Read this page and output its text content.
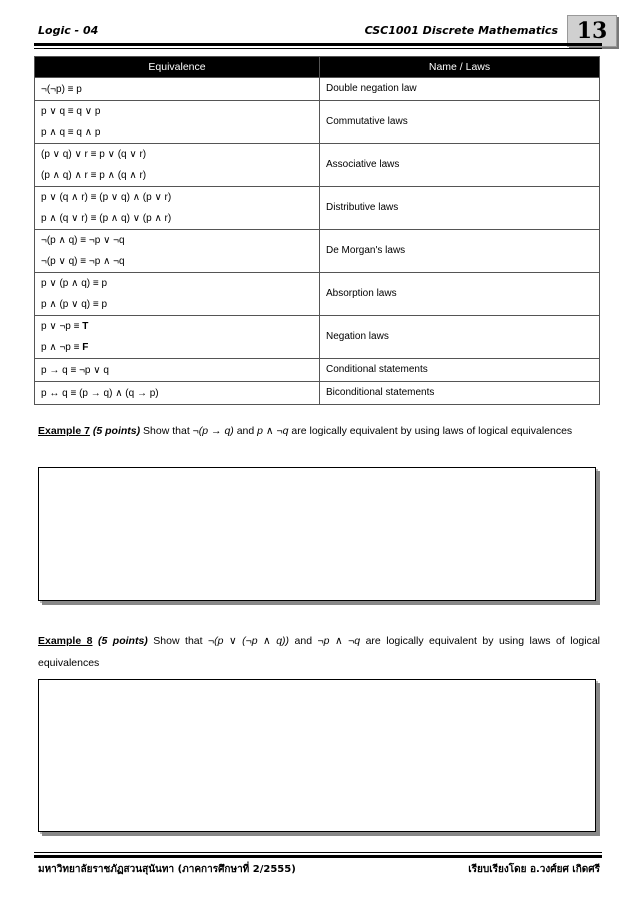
Logic - 04	CSC1001 Discrete Mathematics 13
Equivalence	Name / Laws

¬(¬p) ≡ p	Double negation law

p ∨ q ≡ q ∨ p
p ∧ q ≡ q ∧ p	Commutative laws

(p ∨ q) ∨ r ≡ p ∨ (q ∨ r)
(p ∧ q) ∧ r ≡ p ∧ (q ∧ r)	Associative laws

p ∨ (q ∧ r) ≡ (p ∨ q) ∧ (p ∨ r)
p ∧ (q ∨ r) ≡ (p ∧ q) ∨ (p ∧ r)	Distributive laws

¬(p ∧ q) ≡ ¬p ∨ ¬q
¬(p ∨ q) ≡ ¬p ∧ ¬q	De Morgan's laws

p ∨ (p ∧ q) ≡ p
p ∧ (p ∨ q) ≡ p	Absorption laws

p ∨ ¬p ≡ T
p ∧ ¬p ≡ F	Negation laws

p → q ≡ ¬p ∨ q	Conditional statements

p ↔ q ≡ (p → q) ∧ (q → p)	Biconditional statements
Example 7 (5 points) Show that ¬(p → q) and p ∧ ¬q are logically equivalent by using laws of logical equivalences
Example 8 (5 points) Show that ¬(p ∨ (¬p ∧ q)) and ¬p ∧ ¬q are logically equivalent by using laws of logical equivalences
มหาวิทยาลัยราชภัฏสวนสุนันทา (ภาคการศึกษาที่ 2/2555)	เรียบเรียงโดย อ.วงศ์ยศ เกิดศรี
